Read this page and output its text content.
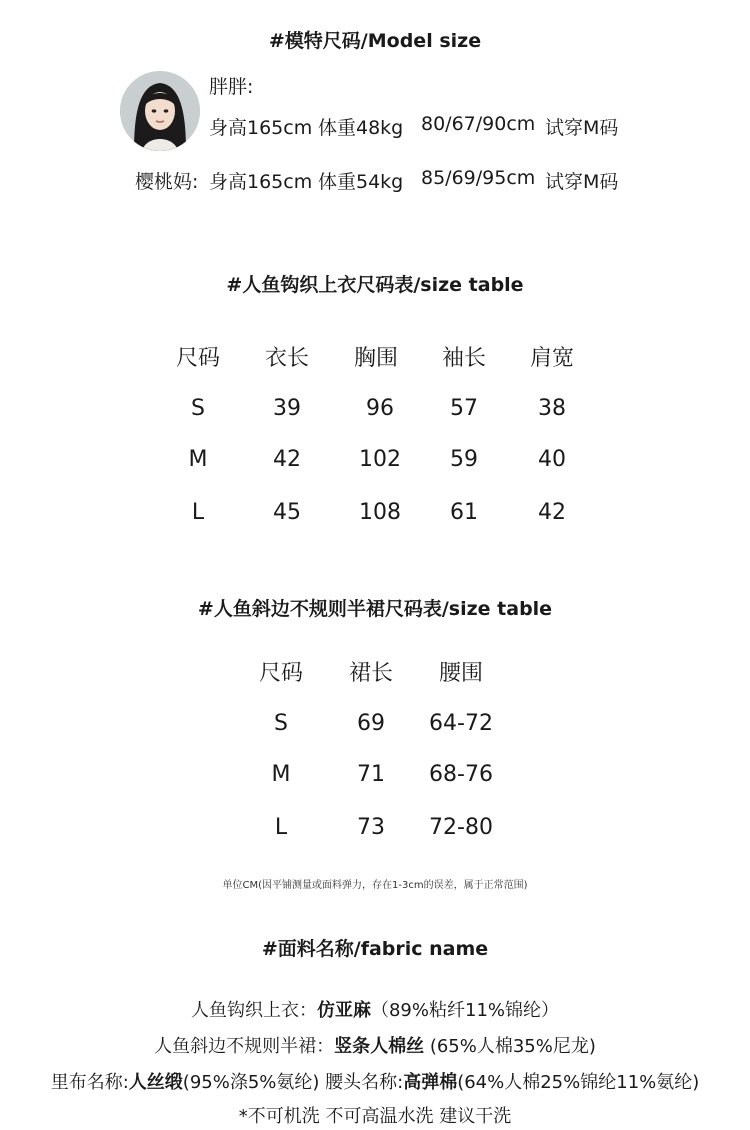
#模特尺码/Model size
胖胖:
身高165cm 体重48kg 80/67/90cm 试穿M码
樱桃妈: 身高165cm 体重54kg 85/69/95cm 试穿M码
#人鱼钩织上衣尺码表/size table
尺码	衣长	胸围	袖长	肩宽
S	39	96	57	38
M	42	102	59	40
L	45	108	61	42
#人鱼斜边不规则半裙尺码表/size table
尺码	裙长	腰围
S	69	64-72
M	71	68-76
L	73	72-80
单位CM(因平铺测量或面料弹力，存在1-3cm的误差，属于正常范围)
#面料名称/fabric name
人鱼钩织上衣：仿亚麻（89%粘纤11%锦纶）
人鱼斜边不规则半裙：竖条人棉丝 (65%人棉35%尼龙)
里布名称:人丝缎(95%涤5%氨纶) 腰头名称:高弹棉(64%人棉25%锦纶11%氨纶)
*不可机洗 不可高温水洗 建议干洗
